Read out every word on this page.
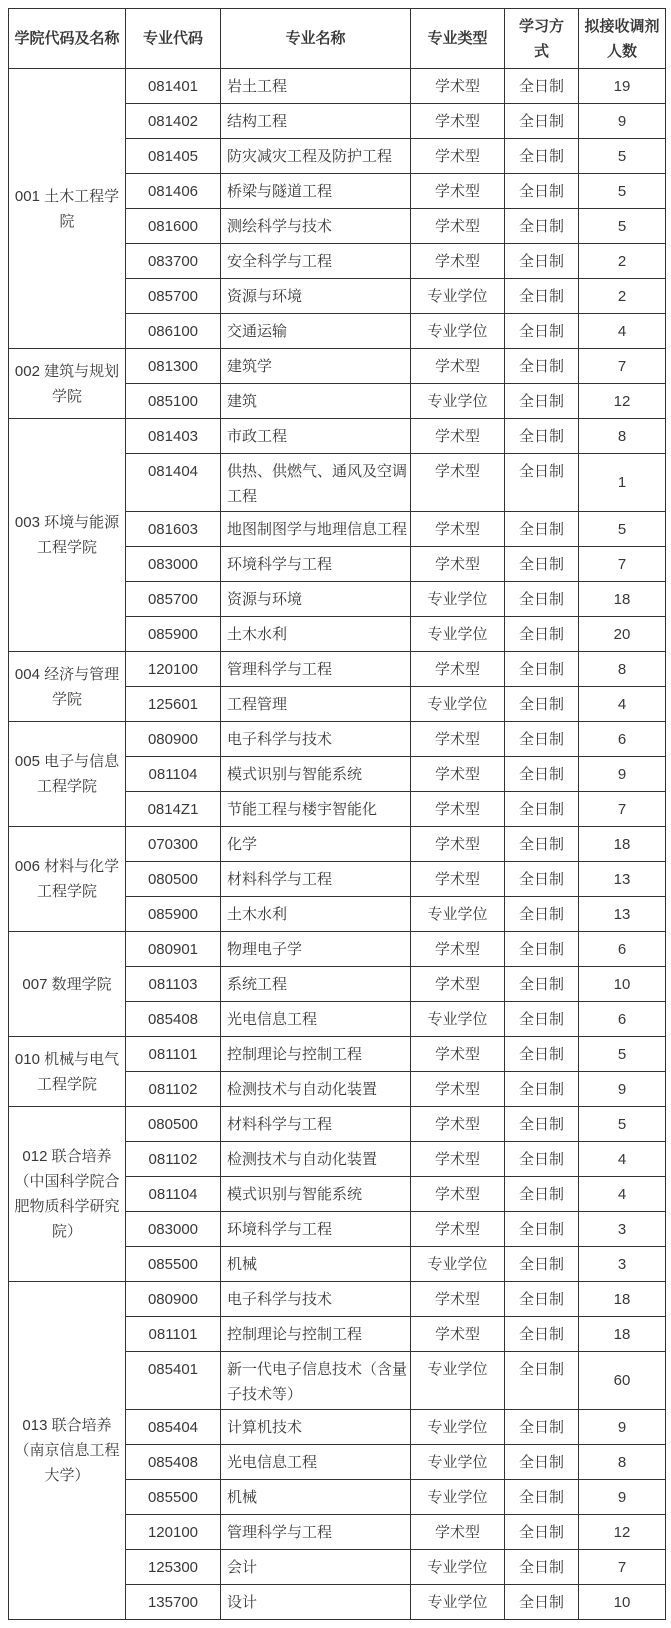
学院代码及名称	专业代码	专业名称	专业类型	学习方式	拟接收调剂人数
001 土木工程学院	081401	岩土工程	学术型	全日制	19
	081402	结构工程	学术型	全日制	9
	081405	防灾减灾工程及防护工程	学术型	全日制	5
	081406	桥梁与隧道工程	学术型	全日制	5
	081600	测绘科学与技术	学术型	全日制	5
	083700	安全科学与工程	学术型	全日制	2
	085700	资源与环境	专业学位	全日制	2
	086100	交通运输	专业学位	全日制	4
002 建筑与规划学院	081300	建筑学	学术型	全日制	7
	085100	建筑	专业学位	全日制	12
003 环境与能源工程学院	081403	市政工程	学术型	全日制	8
	081404	供热、供燃气、通风及空调工程	学术型	全日制	1
	081603	地图制图学与地理信息工程	学术型	全日制	5
	083000	环境科学与工程	学术型	全日制	7
	085700	资源与环境	专业学位	全日制	18
	085900	土木水利	专业学位	全日制	20
004 经济与管理学院	120100	管理科学与工程	学术型	全日制	8
	125601	工程管理	专业学位	全日制	4
005 电子与信息工程学院	080900	电子科学与技术	学术型	全日制	6
	081104	模式识别与智能系统	学术型	全日制	9
	0814Z1	节能工程与楼宇智能化	学术型	全日制	7
006 材料与化学工程学院	070300	化学	学术型	全日制	18
	080500	材料科学与工程	学术型	全日制	13
	085900	土木水利	专业学位	全日制	13
007 数理学院	080901	物理电子学	学术型	全日制	6
	081103	系统工程	学术型	全日制	10
	085408	光电信息工程	专业学位	全日制	6
010 机械与电气工程学院	081101	控制理论与控制工程	学术型	全日制	5
	081102	检测技术与自动化装置	学术型	全日制	9
012 联合培养（中国科学院合肥物质科学研究院）	080500	材料科学与工程	学术型	全日制	5
	081102	检测技术与自动化装置	学术型	全日制	4
	081104	模式识别与智能系统	学术型	全日制	4
	083000	环境科学与工程	学术型	全日制	3
	085500	机械	专业学位	全日制	3
013 联合培养（南京信息工程大学）	080900	电子科学与技术	学术型	全日制	18
	081101	控制理论与控制工程	学术型	全日制	18
	085401	新一代电子信息技术（含量子技术等）	专业学位	全日制	60
	085404	计算机技术	专业学位	全日制	9
	085408	光电信息工程	专业学位	全日制	8
	085500	机械	专业学位	全日制	9
	120100	管理科学与工程	学术型	全日制	12
	125300	会计	专业学位	全日制	7
	135700	设计	专业学位	全日制	10
